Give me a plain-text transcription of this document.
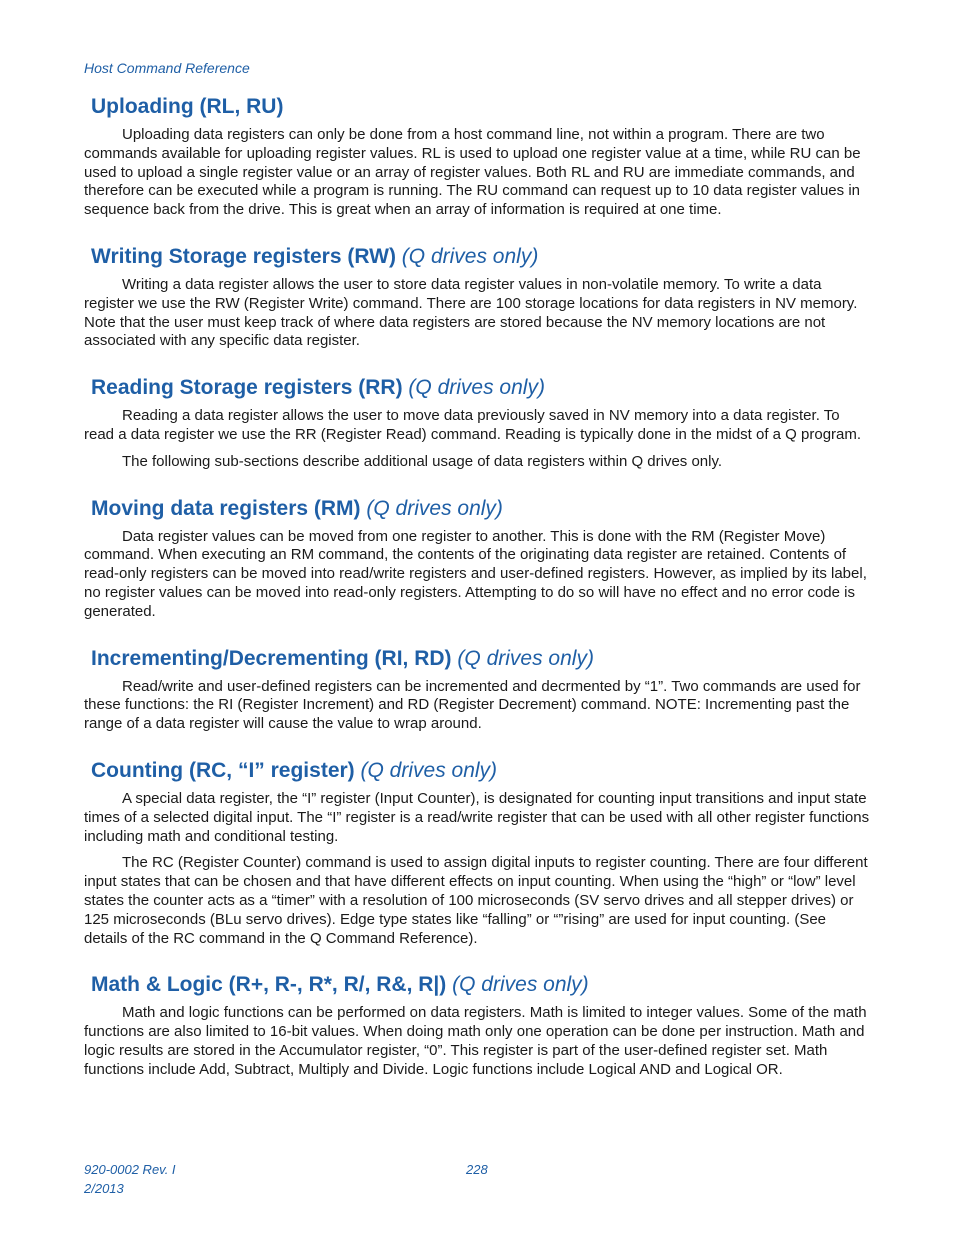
Host Command Reference
Uploading (RL, RU)

Uploading data registers can only be done from a host command line, not within a program. There are two commands available for uploading register values. RL is used to upload one register value at a time, while RU can be used to upload a single register value or an array of register values. Both RL and RU are immediate commands, and therefore can be executed while a program is running. The RU command can request up to 10 data register values in sequence back from the drive. This is great when an array of information is required at one time.

Writing Storage registers (RW) (Q drives only)

Writing a data register allows the user to store data register values in non-volatile memory. To write a data register we use the RW (Register Write) command. There are 100 storage locations for data registers in NV memory. Note that the user must keep track of where data registers are stored because the NV memory locations are not associated with any specific data register.

Reading Storage registers (RR) (Q drives only)

Reading a data register allows the user to move data previously saved in NV memory into a data register. To read a data register we use the RR (Register Read) command. Reading is typically done in the midst of a Q program.

The following sub-sections describe additional usage of data registers within Q drives only.

Moving data registers (RM) (Q drives only)

Data register values can be moved from one register to another. This is done with the RM (Register Move) command. When executing an RM command, the contents of the originating data register are retained. Contents of read-only registers can be moved into read/write registers and user-defined registers. However, as implied by its label, no register values can be moved into read-only registers. Attempting to do so will have no effect and no error code is generated.

Incrementing/Decrementing (RI, RD) (Q drives only)

Read/write and user-defined registers can be incremented and decrmented by “1”. Two commands are used for these functions: the RI (Register Increment) and RD (Register Decrement) command. NOTE: Incrementing past the range of a data register will cause the value to wrap around.

Counting (RC, “I” register) (Q drives only)

A special data register, the “I” register (Input Counter), is designated for counting input transitions and input state times of a selected digital input. The “I” register is a read/write register that can be used with all other register functions including math and conditional testing.

The RC (Register Counter) command is used to assign digital inputs to register counting. There are four different input states that can be chosen and that have different effects on input counting. When using the “high” or “low” level states the counter acts as a “timer” with a resolution of 100 microseconds (SV servo drives and all stepper drives) or 125 microseconds (BLu servo drives). Edge type states like “falling” or “”rising” are used for input counting. (See details of the RC command in the Q Command Reference).

Math & Logic (R+, R-, R*, R/, R&, R|) (Q drives only)

Math and logic functions can be performed on data registers. Math is limited to integer values. Some of the math functions are also limited to 16-bit values. When doing math only one operation can be done per instruction. Math and logic results are stored in the Accumulator register, “0”. This register is part of the user-defined register set. Math functions include Add, Subtract, Multiply and Divide. Logic functions include Logical AND and Logical OR.

920-0002 Rev. I
2/2013
228
